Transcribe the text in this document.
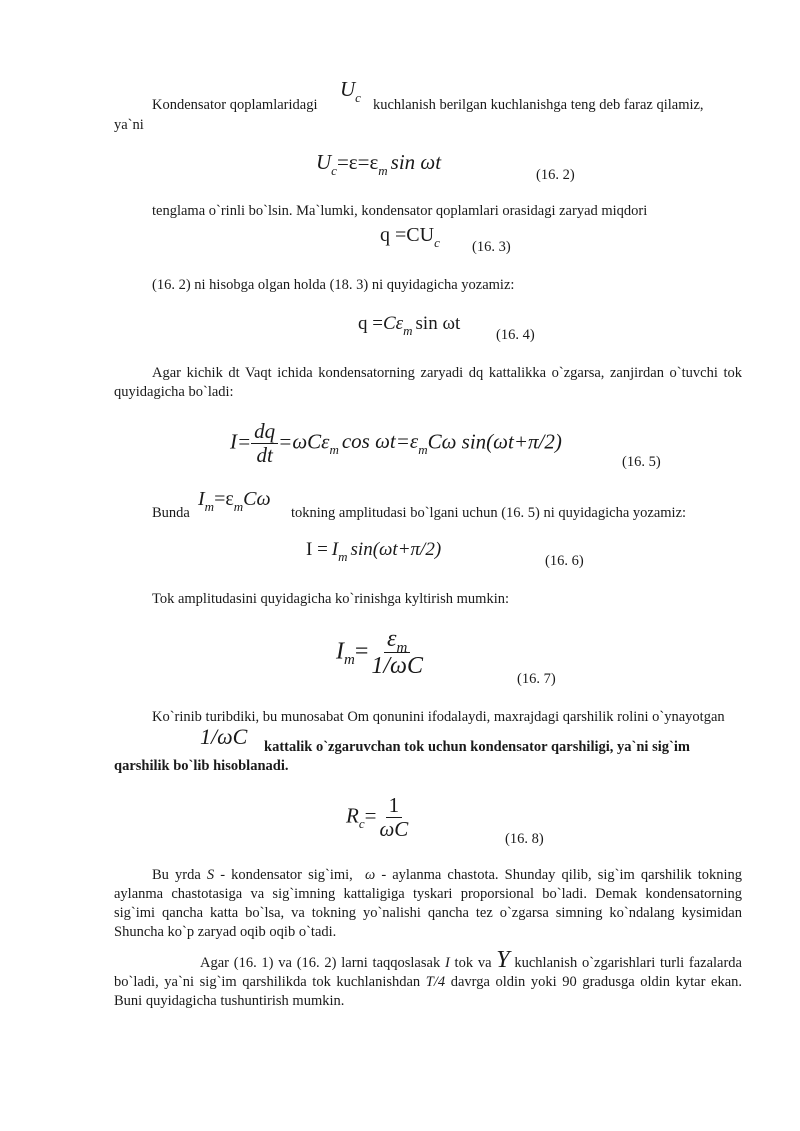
Kondensator qoplamlaridagi
$U_c$ kuchlanish berilgan kuchlanishga teng deb faraz qilamiz,
ya`ni
$U_c=\varepsilon=\varepsilon_m$ sin ωt
(16. 2)
tenglama o`rinli bo`lsin. Ma`lumki, kondensator qoplamlari orasidagi zaryad miqdori
$q =CU_c$ (16. 3)
(16. 2) ni hisobga olgan holda (18. 3) ni quyidagicha yozamiz:
$q =C\varepsilon_m$ sin ωt
(16. 4)
Agar kichik dt Vaqt ichida kondensatorning zaryadi dq kattalikka o`zgarsa, zanjirdan o`tuvchi tok quyidagicha bo`ladi:
$I= \frac{dq}{dt} =\omega C\varepsilon_m$ $\cos \omega t=\varepsilon_mC\omega$ sin(ωt+π/2)
(16. 5)
Bunda
$I_m=\varepsilon_mC\omega$
tokning amplitudasi bo`lgani uchun (16. 5) ni quyidagicha yozamiz:
$I = I_m$ sin(ωt+π/2)
(16. 6)
Tok amplitudasini quyidagicha ko`rinishga kyltirish mumkin:
$I_m= \frac{\varepsilon_m}{1/\omega C}$	(16. 7)
Ko`rinib turibdiki, bu munosabat Om qonunini ifodalaydi, maxrajdagi qarshilik rolini o`ynayotgan
1/ωC	kattalik o`zgaruvchan tok uchun kondensator qarshiligi, ya`ni sig`im qarshilik bo`lib hisoblanadi.
$R_c= \frac{1}{\omega C}$	(16. 8)
Bu yrda S - kondensator sig`imi, ω - aylanma chastota. Shunday qilib, sig`im qarshilik tokning aylanma chastotasiga va sig`imning kattaligiga tyskari proporsional bo`ladi. Demak kondensatorning sig`imi qancha katta bo`lsa, va tokning yo`nalishi qancha tez o`zgarsa simning ko`ndalang kysimidan Shuncha ko`p zaryad oqib oqib o`tadi.
Agar (16. 1) va (16. 2) larni taqqoslasak I tok va Y kuchlanish o`zgarishlari turli fazalarda bo`ladi, ya`ni sig`im qarshilikda tok kuchlanishdan T/4 davrga oldin yoki 90 gradusga oldin kytar ekan. Buni quyidagicha tushuntirish mumkin.
